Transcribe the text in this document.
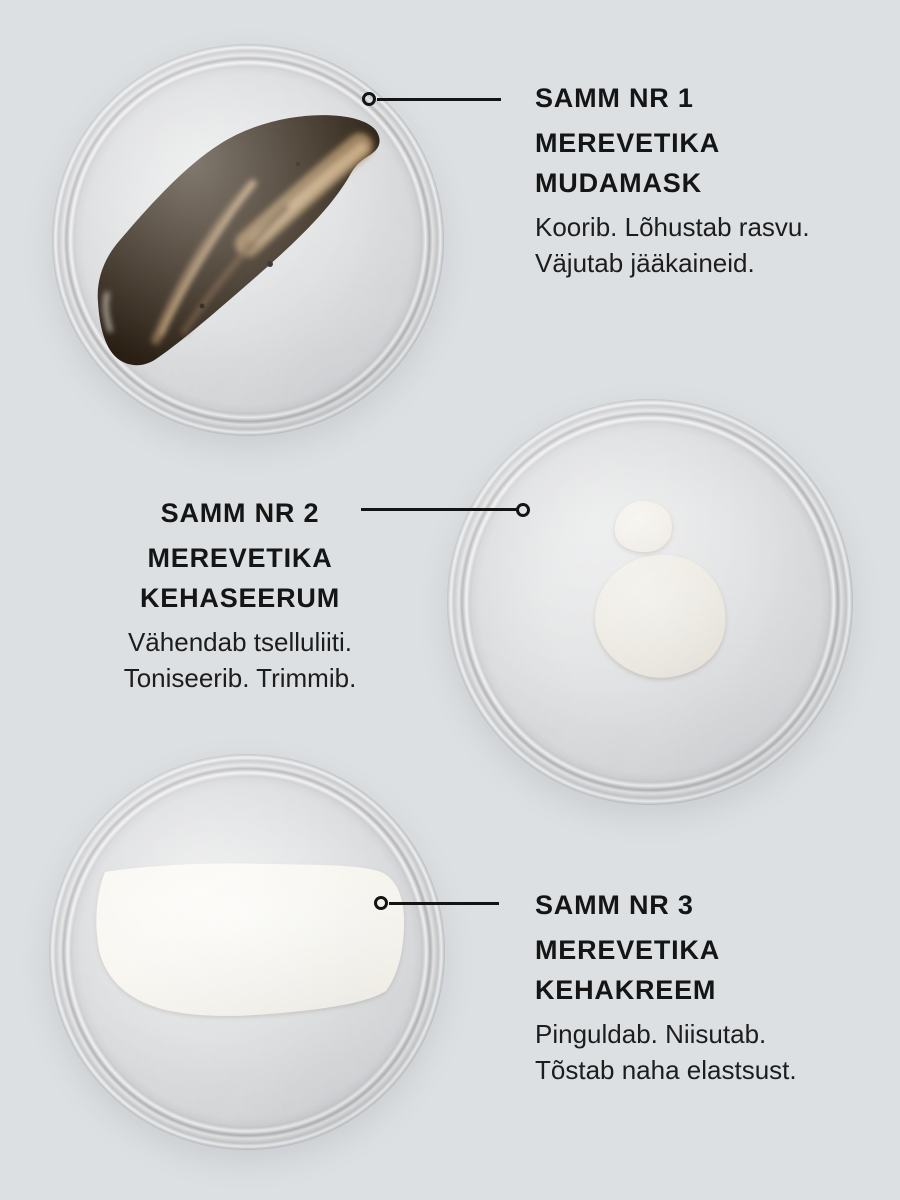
SAMM NR 1
MEREVETIKA
MUDAMASK
Koorib. Lõhustab rasvu.
Väjutab jääkaineid.
SAMM NR 2
MEREVETIKA
KEHASEERUM
Vähendab tselluliiti.
Toniseerib. Trimmib.
SAMM NR 3
MEREVETIKA
KEHAKREEM
Pinguldab. Niisutab.
Tõstab naha elastsust.
